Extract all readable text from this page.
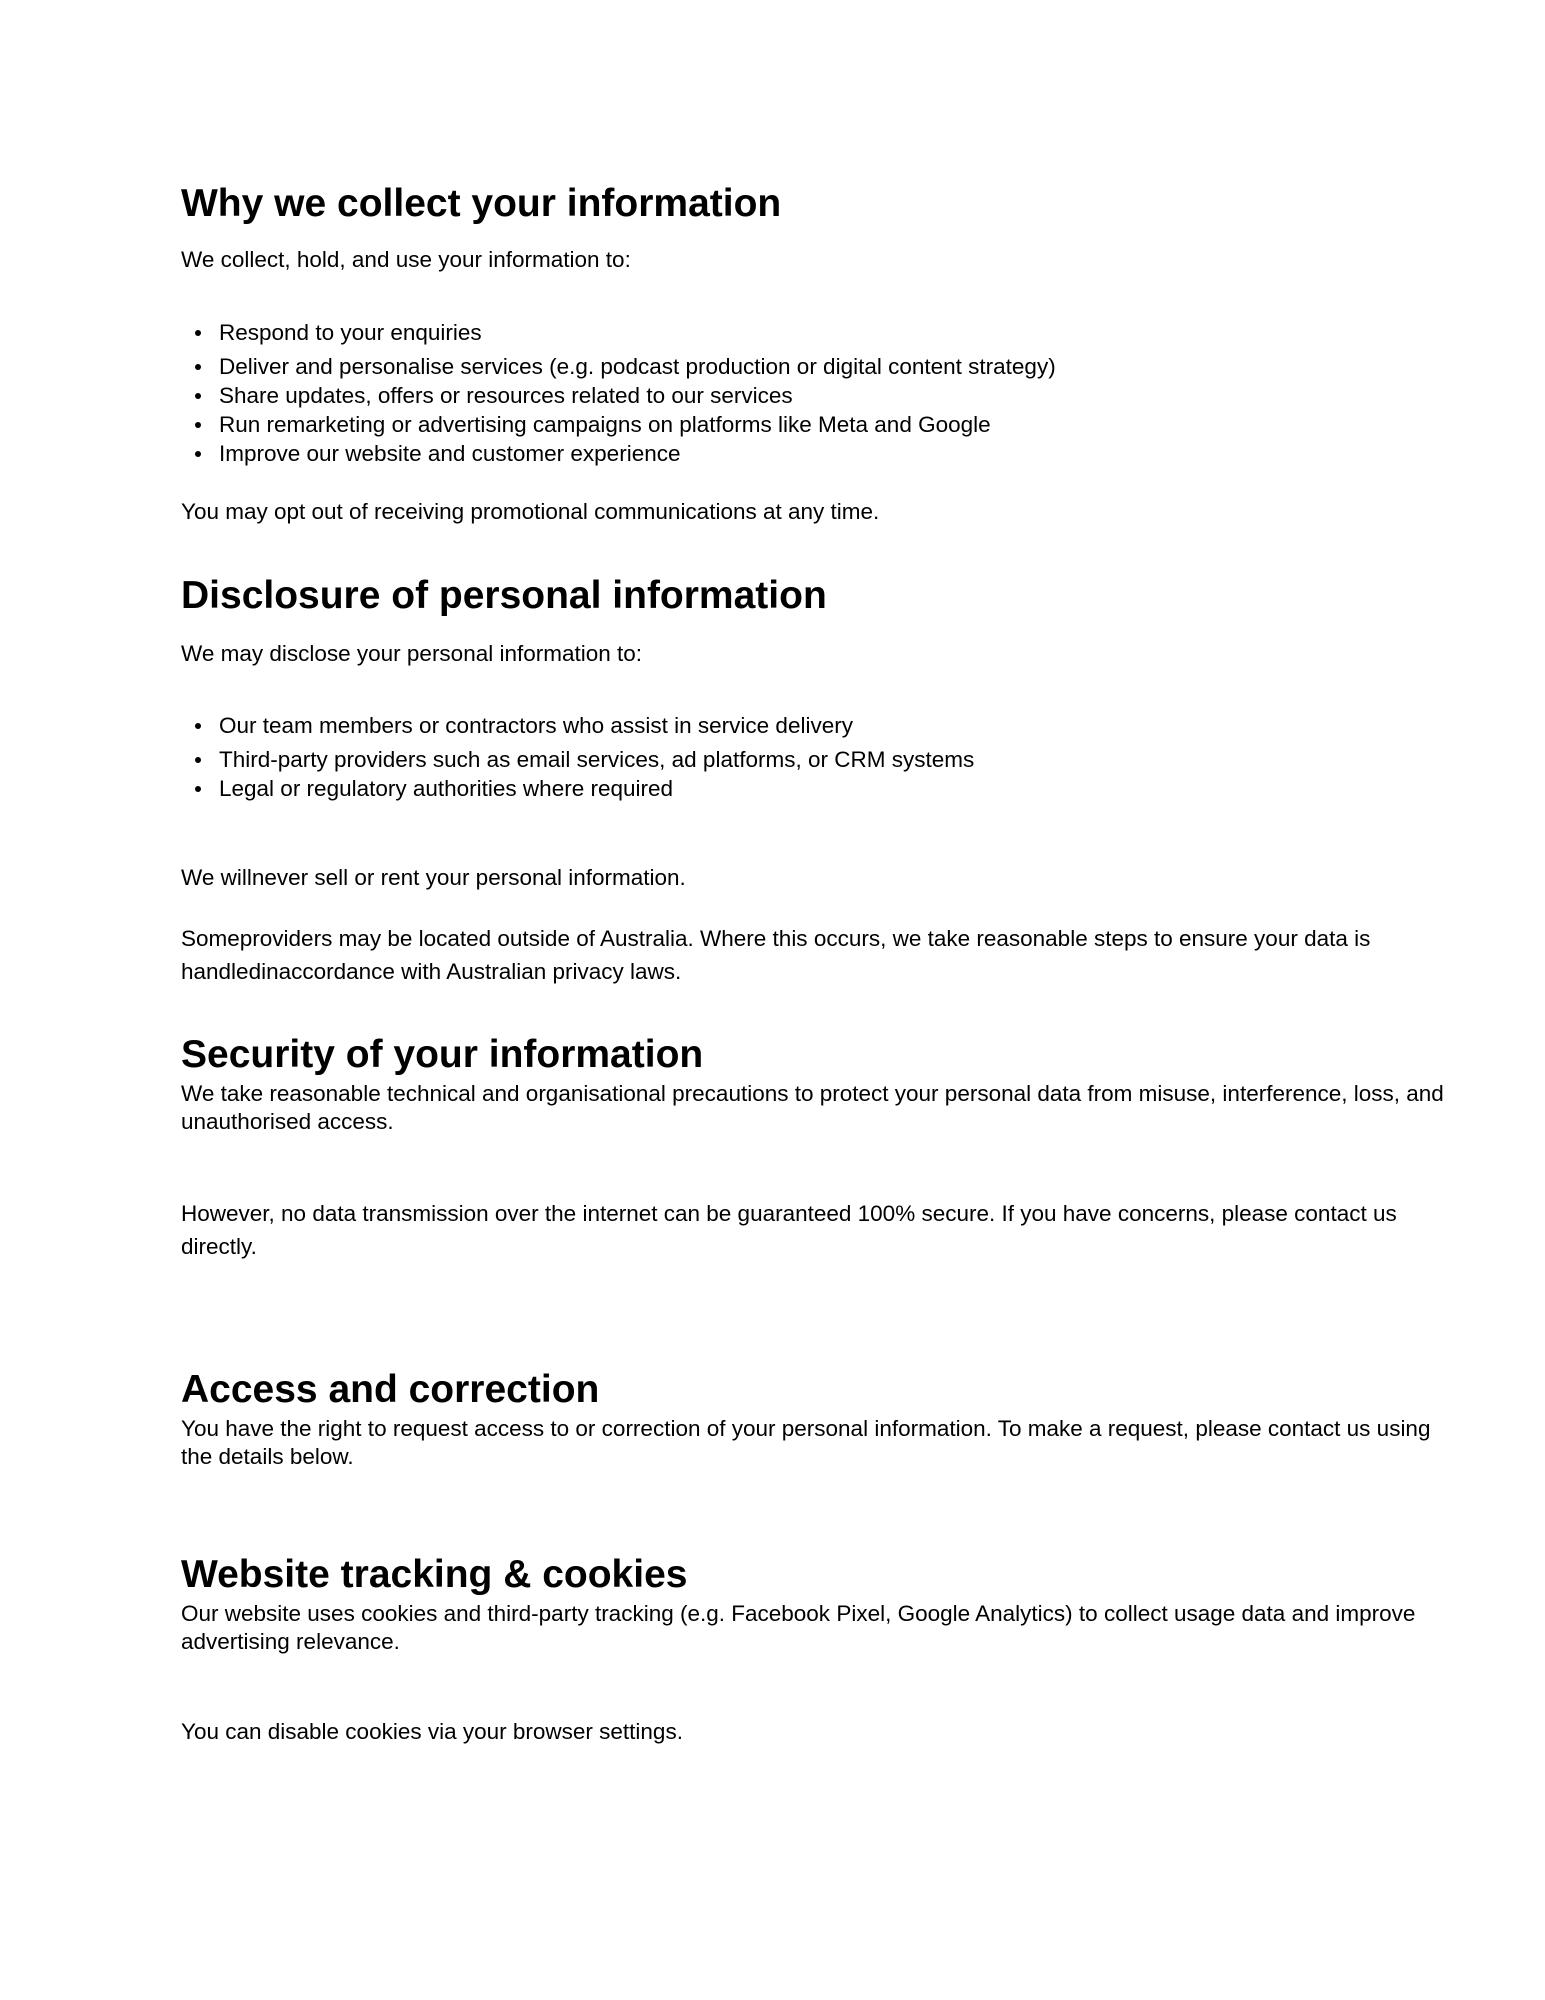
Why we collect your information

We collect, hold, and use your information to:

Respond to your enquiries
Deliver and personalise services (e.g. podcast production or digital content strategy)
Share updates, offers or resources related to our services
Run remarketing or advertising campaigns on platforms like Meta and Google
Improve our website and customer experience

You may opt out of receiving promotional communications at any time.

Disclosure of personal information

We may disclose your personal information to:

Our team members or contractors who assist in service delivery
Third-party providers such as email services, ad platforms, or CRM systems
Legal or regulatory authorities where required

We willnever sell or rent your personal information.

Someproviders may be located outside of Australia. Where this occurs, we take reasonable steps to ensure your data is handledinaccordance with Australian privacy laws.

Security of your information

We take reasonable technical and organisational precautions to protect your personal data from misuse, interference, loss, and unauthorised access.

However, no data transmission over the internet can be guaranteed 100% secure. If you have concerns, please contact us directly.

Access and correction

You have the right to request access to or correction of your personal information. To make a request, please contact us using the details below.

Website tracking & cookies

Our website uses cookies and third-party tracking (e.g. Facebook Pixel, Google Analytics) to collect usage data and improve advertising relevance.

You can disable cookies via your browser settings.
